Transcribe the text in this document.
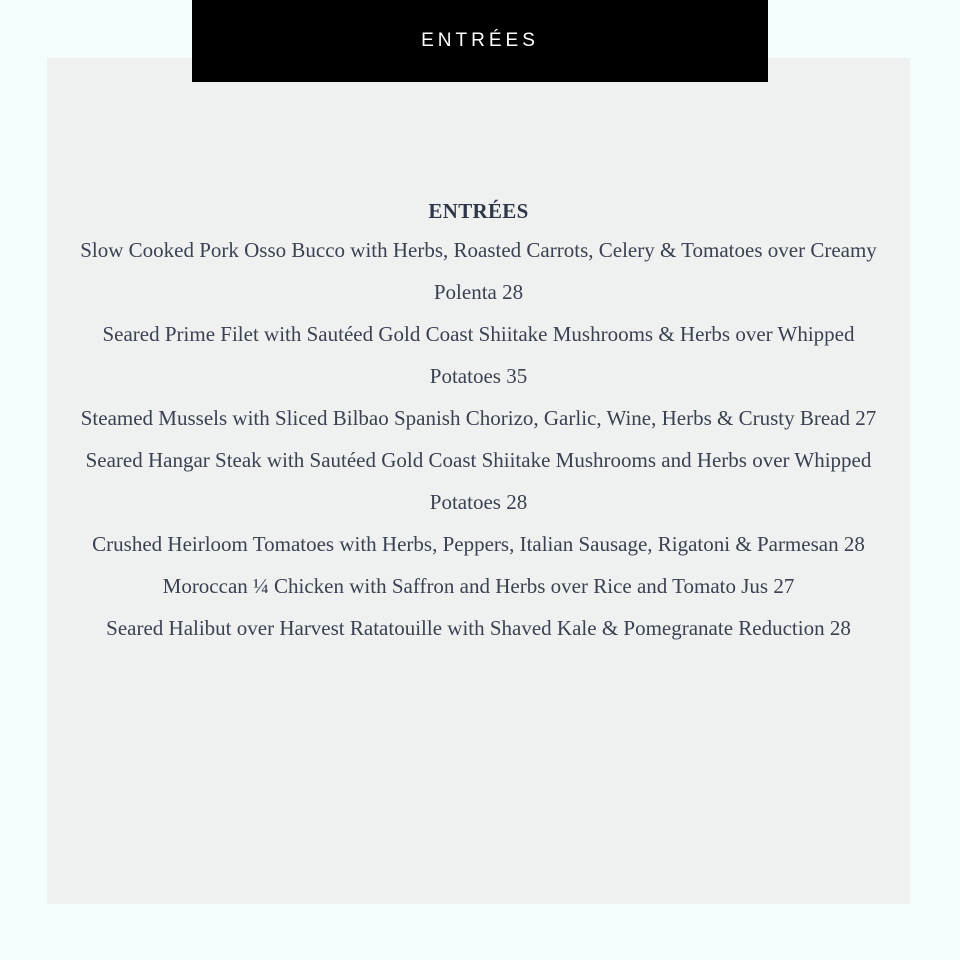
ENTRÉES
ENTRÉES
Slow Cooked Pork Osso Bucco with Herbs, Roasted Carrots, Celery & Tomatoes over Creamy Polenta 28
Seared Prime Filet with Sautéed Gold Coast Shiitake Mushrooms & Herbs over Whipped Potatoes 35
Steamed Mussels with Sliced Bilbao Spanish Chorizo, Garlic, Wine, Herbs & Crusty Bread 27
Seared Hangar Steak with Sautéed Gold Coast Shiitake Mushrooms and Herbs over Whipped Potatoes 28
Crushed Heirloom Tomatoes with Herbs, Peppers, Italian Sausage, Rigatoni & Parmesan 28
Moroccan ¼ Chicken with Saffron and Herbs over Rice and Tomato Jus 27
Seared Halibut over Harvest Ratatouille with Shaved Kale & Pomegranate Reduction 28
